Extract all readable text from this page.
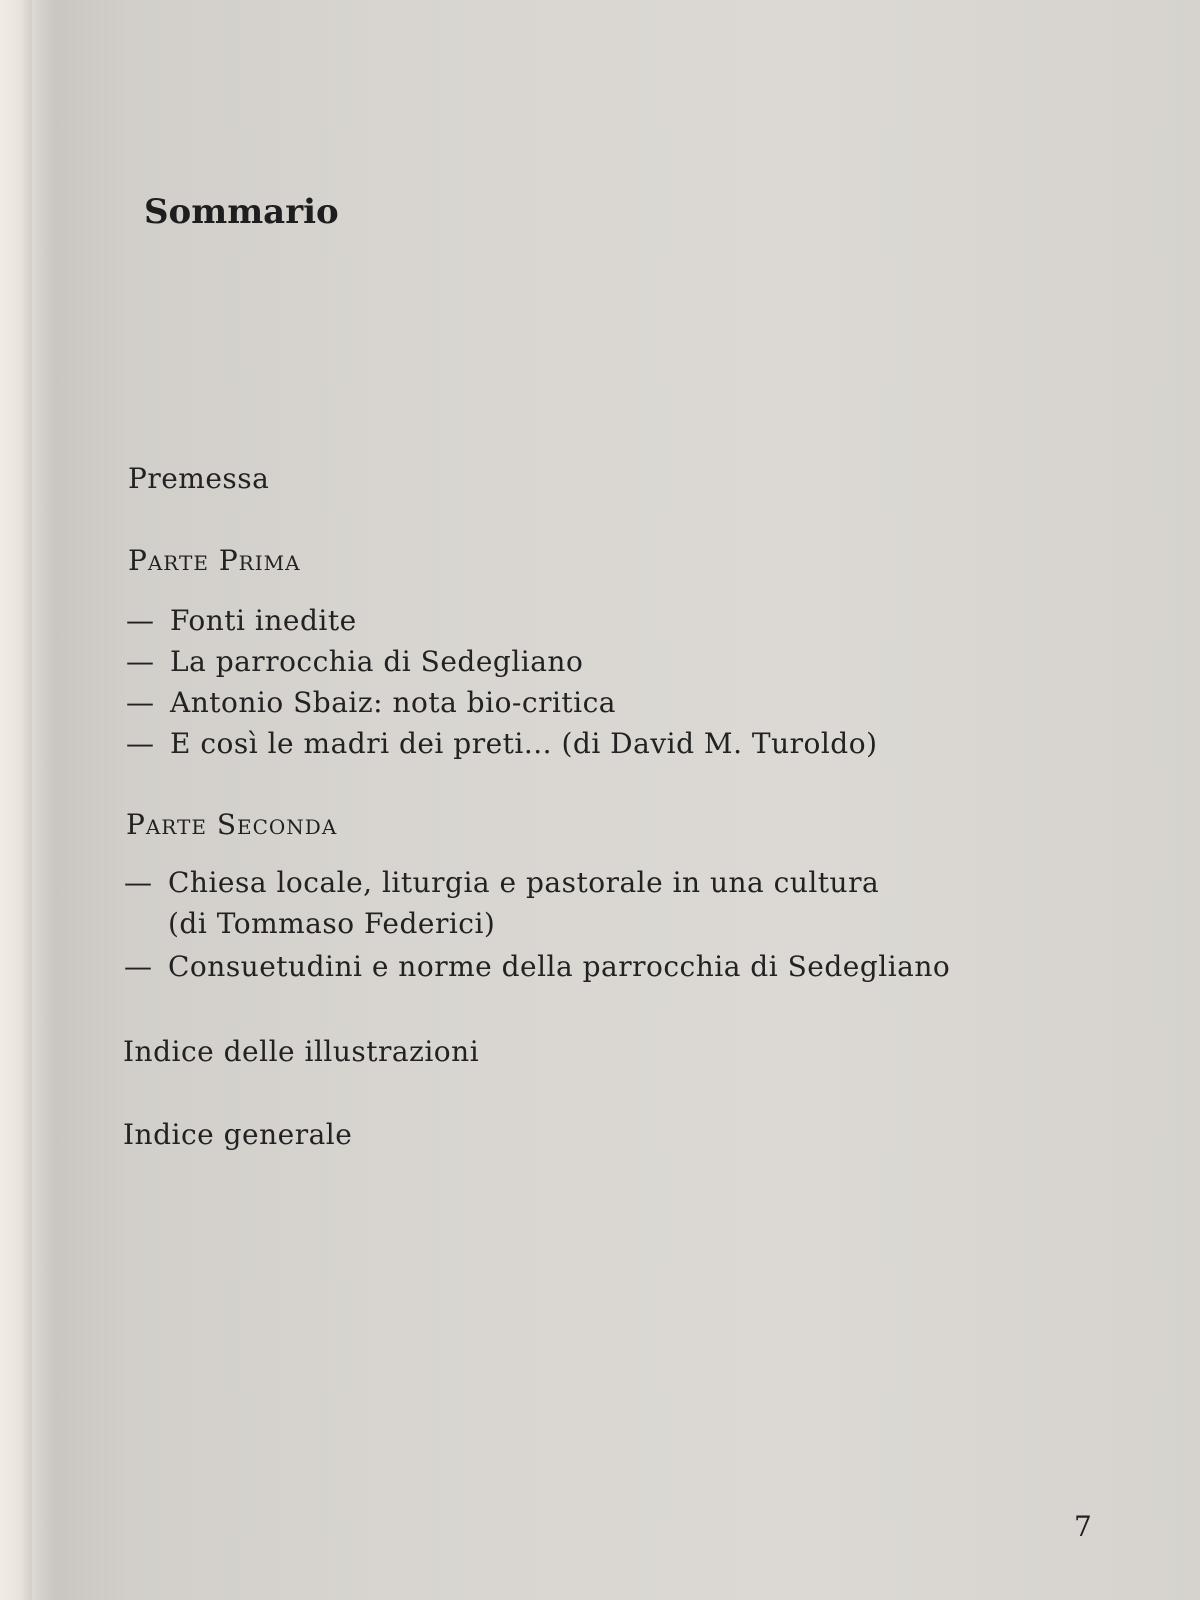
Sommario
Premessa
Parte Prima
— Fonti inedite
— La parrocchia di Sedegliano
— Antonio Sbaiz: nota bio-critica
— E così le madri dei preti... (di David M. Turoldo)
Parte Seconda
— Chiesa locale, liturgia e pastorale in una cultura
(di Tommaso Federici)
— Consuetudini e norme della parrocchia di Sedegliano
Indice delle illustrazioni
Indice generale
7
